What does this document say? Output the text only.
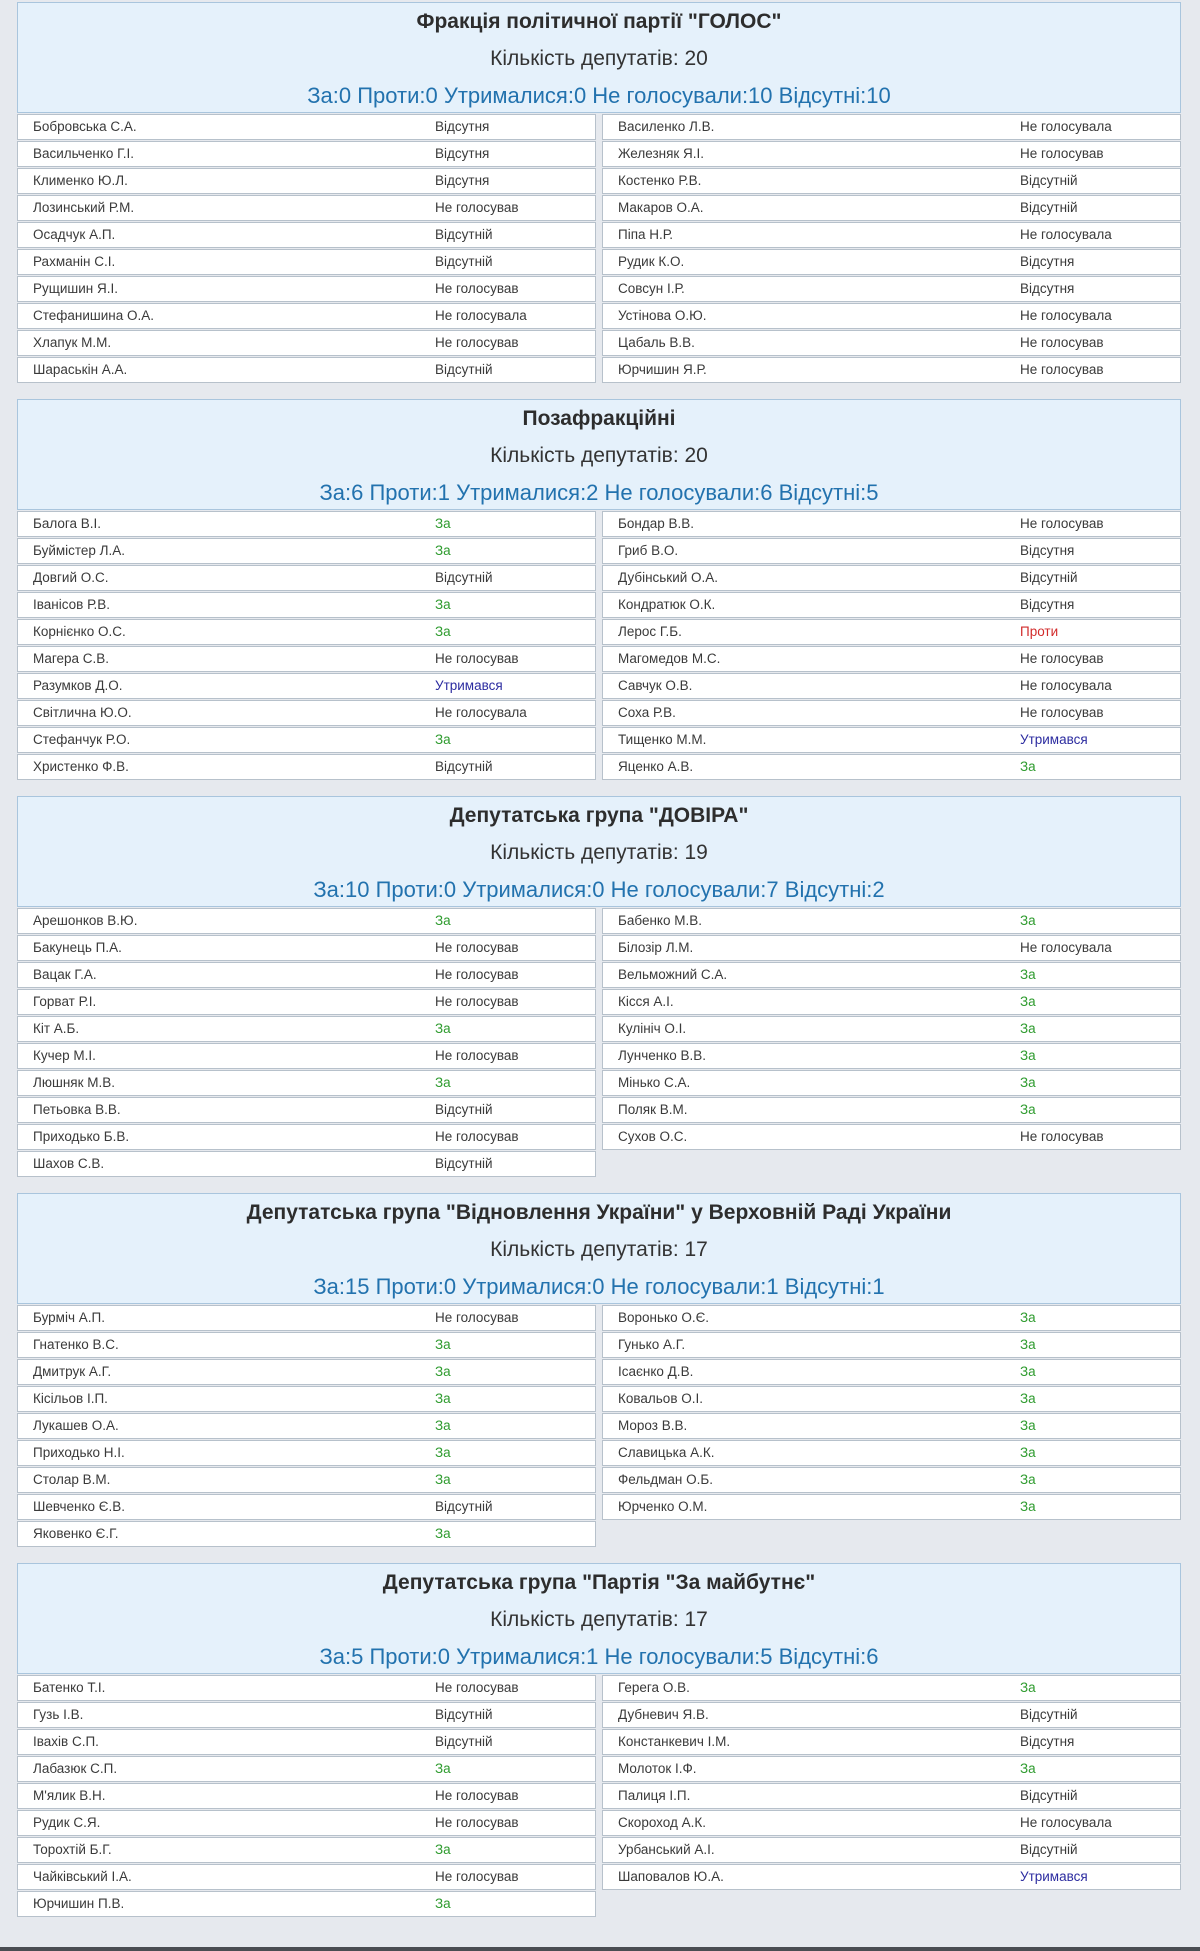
Фракція політичної партії "ГОЛОС"
Кількість депутатів: 20
За:0 Проти:0 Утрималися:0 Не голосували:10 Відсутні:10
Бобровська С.А.	Відсутня	Василенко Л.В.	Не голосувала
Васильченко Г.І.	Відсутня	Железняк Я.І.	Не голосував
Клименко Ю.Л.	Відсутня	Костенко Р.В.	Відсутній
Лозинський Р.М.	Не голосував	Макаров О.А.	Відсутній
Осадчук А.П.	Відсутній	Піпа Н.Р.	Не голосувала
Рахманін С.І.	Відсутній	Рудик К.О.	Відсутня
Рущишин Я.І.	Не голосував	Совсун І.Р.	Відсутня
Стефанишина О.А.	Не голосувала	Устінова О.Ю.	Не голосувала
Хлапук М.М.	Не голосував	Цабаль В.В.	Не голосував
Шараськін А.А.	Відсутній	Юрчишин Я.Р.	Не голосував
Позафракційні
Кількість депутатів: 20
За:6 Проти:1 Утрималися:2 Не голосували:6 Відсутні:5
Балога В.І.	За	Бондар В.В.	Не голосував
Буймістер Л.А.	За	Гриб В.О.	Відсутня
Довгий О.С.	Відсутній	Дубінський О.А.	Відсутній
Іванісов Р.В.	За	Кондратюк О.К.	Відсутня
Корнієнко О.С.	За	Лерос Г.Б.	Проти
Магера С.В.	Не голосував	Магомедов М.С.	Не голосував
Разумков Д.О.	Утримався	Савчук О.В.	Не голосувала
Світлична Ю.О.	Не голосувала	Соха Р.В.	Не голосував
Стефанчук Р.О.	За	Тищенко М.М.	Утримався
Христенко Ф.В.	Відсутній	Яценко А.В.	За
Депутатська група "ДОВІРА"
Кількість депутатів: 19
За:10 Проти:0 Утрималися:0 Не голосували:7 Відсутні:2
Арешонков В.Ю.	За	Бабенко М.В.	За
Бакунець П.А.	Не голосував	Білозір Л.М.	Не голосувала
Вацак Г.А.	Не голосував	Вельможний С.А.	За
Горват Р.І.	Не голосував	Кісся А.І.	За
Кіт А.Б.	За	Кулініч О.І.	За
Кучер М.І.	Не голосував	Лунченко В.В.	За
Люшняк М.В.	За	Мінько С.А.	За
Петьовка В.В.	Відсутній	Поляк В.М.	За
Приходько Б.В.	Не голосував	Сухов О.С.	Не голосував
Шахов С.В.	Відсутній
Депутатська група "Відновлення України" у Верховній Раді України
Кількість депутатів: 17
За:15 Проти:0 Утрималися:0 Не голосували:1 Відсутні:1
Бурміч А.П.	Не голосував	Воронько О.Є.	За
Гнатенко В.С.	За	Гунько А.Г.	За
Дмитрук А.Г.	За	Ісаєнко Д.В.	За
Кісільов І.П.	За	Ковальов О.І.	За
Лукашев О.А.	За	Мороз В.В.	За
Приходько Н.І.	За	Славицька А.К.	За
Столар В.М.	За	Фельдман О.Б.	За
Шевченко Є.В.	Відсутній	Юрченко О.М.	За
Яковенко Є.Г.	За
Депутатська група "Партія "За майбутнє"
Кількість депутатів: 17
За:5 Проти:0 Утрималися:1 Не голосували:5 Відсутні:6
Батенко Т.І.	Не голосував	Герега О.В.	За
Гузь І.В.	Відсутній	Дубневич Я.В.	Відсутній
Івахів С.П.	Відсутній	Констанкевич І.М.	Відсутня
Лабазюк С.П.	За	Молоток І.Ф.	За
М'ялик В.Н.	Не голосував	Палиця І.П.	Відсутній
Рудик С.Я.	Не голосував	Скороход А.К.	Не голосувала
Торохтій Б.Г.	За	Урбанський А.І.	Відсутній
Чайківський І.А.	Не голосував	Шаповалов Ю.А.	Утримався
Юрчишин П.В.	За
